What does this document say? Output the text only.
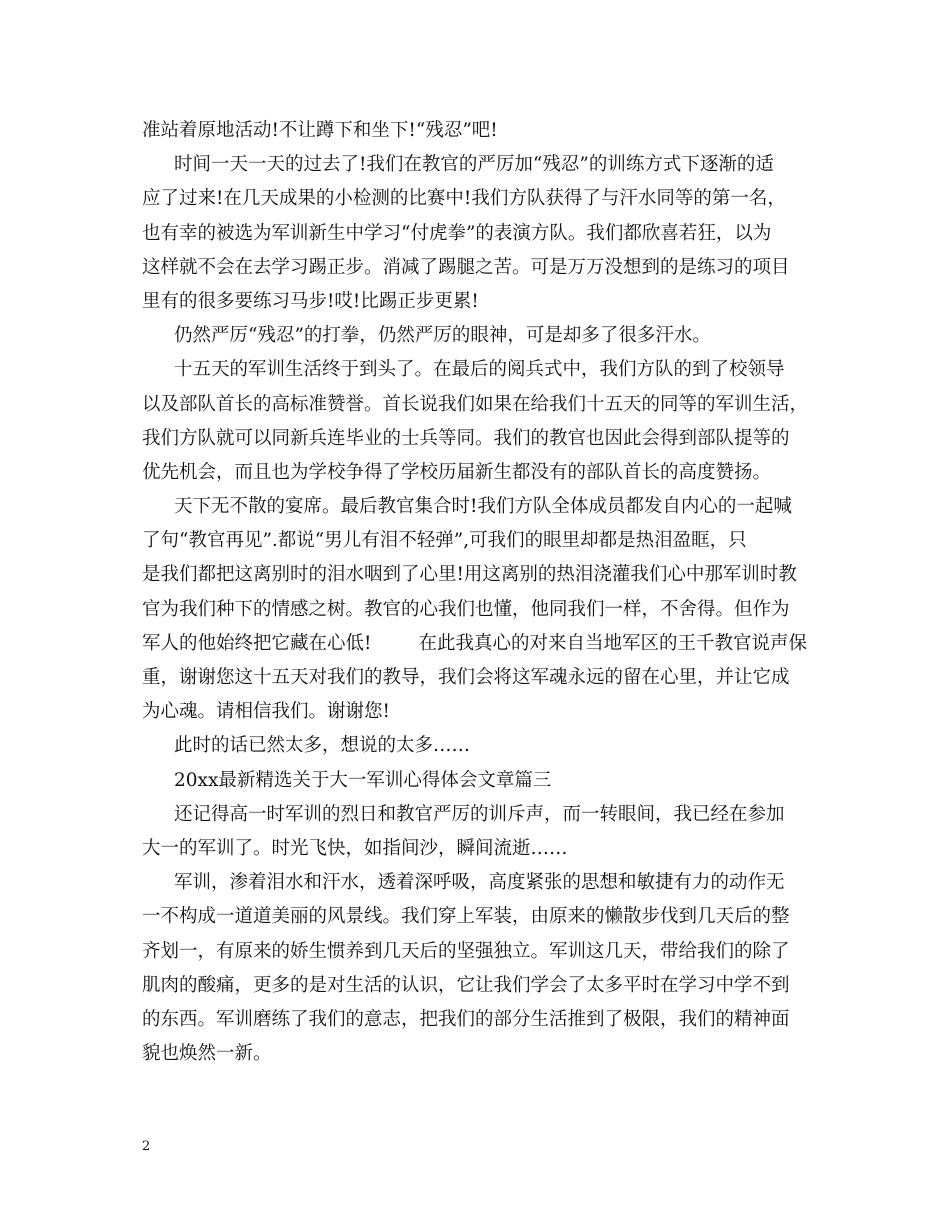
准站着原地活动!不让蹲下和坐下!“残忍”吧!
时间一天一天的过去了!我们在教官的严厉加“残忍”的训练方式下逐渐的适
应了过来!在几天成果的小检测的比赛中!我们方队获得了与汗水同等的第一名，
也有幸的被选为军训新生中学习“付虎拳”的表演方队。我们都欣喜若狂，以为
这样就不会在去学习踢正步。消减了踢腿之苦。可是万万没想到的是练习的项目
里有的很多要练习马步!哎!比踢正步更累!
仍然严厉“残忍”的打拳，仍然严厉的眼神，可是却多了很多汗水。
十五天的军训生活终于到头了。在最后的阅兵式中，我们方队的到了校领导
以及部队首长的高标准赞誉。首长说我们如果在给我们十五天的同等的军训生活，
我们方队就可以同新兵连毕业的士兵等同。我们的教官也因此会得到部队提等的
优先机会，而且也为学校争得了学校历届新生都没有的部队首长的高度赞扬。
天下无不散的宴席。最后教官集合时!我们方队全体成员都发自内心的一起喊
了句“教官再见”.都说“男儿有泪不轻弹”,可我们的眼里却都是热泪盈眶，只
是我们都把这离别时的泪水咽到了心里!用这离别的热泪浇灌我们心中那军训时教
官为我们种下的情感之树。教官的心我们也懂，他同我们一样，不舍得。但作为
军人的他始终把它藏在心低!        在此我真心的对来自当地军区的王千教官说声保
重，谢谢您这十五天对我们的教导，我们会将这军魂永远的留在心里，并让它成
为心魂。请相信我们。谢谢您!
此时的话已然太多，想说的太多……
20xx最新精选关于大一军训心得体会文章篇三
还记得高一时军训的烈日和教官严厉的训斥声，而一转眼间，我已经在参加
大一的军训了。时光飞快，如指间沙，瞬间流逝……
军训，渗着泪水和汗水，透着深呼吸，高度紧张的思想和敏捷有力的动作无
一不构成一道道美丽的风景线。我们穿上军装，由原来的懒散步伐到几天后的整
齐划一，有原来的娇生惯养到几天后的坚强独立。军训这几天，带给我们的除了
肌肉的酸痛，更多的是对生活的认识，它让我们学会了太多平时在学习中学不到
的东西。军训磨练了我们的意志，把我们的部分生活推到了极限，我们的精神面
貌也焕然一新。
2
